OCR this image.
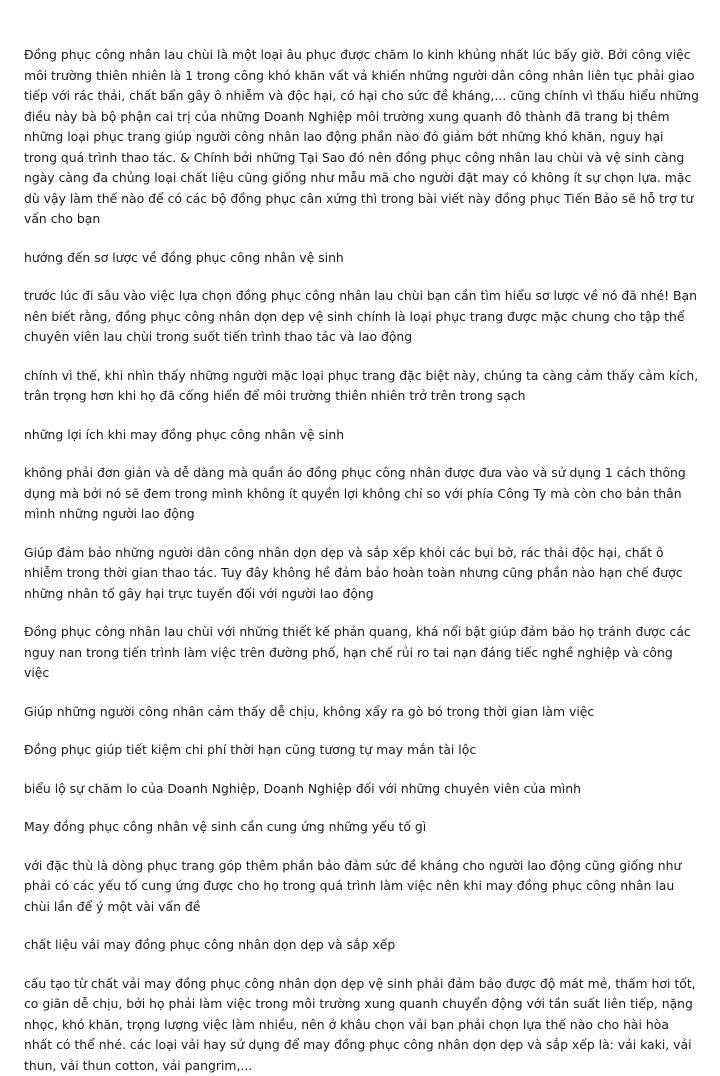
Đồng phục công nhân lau chùi là một loại âu phục được chăm lo kinh khủng nhất lúc bấy giờ. Bởi công việc môi trường thiên nhiên là 1 trong công khó khăn vất vả khiến những người dân công nhân liên tục phải giao tiếp với rác thải, chất bẩn gây ô nhiễm và độc hại, có hại cho sức đề kháng,... cũng chính vì thấu hiểu những điều này bà bộ phận cai trị của những Doanh Nghiệp môi trường xung quanh đô thành đã trang bị thêm những loại phục trang giúp người công nhân lao động phần nào đó giảm bớt những khó khăn, nguy hại trong quá trình thao tác. & Chính bởi những Tại Sao đó nên đồng phục công nhân lau chùi và vệ sinh càng ngày càng đa chủng loại chất liệu cũng giống như mẫu mã cho người đặt may có không ít sự chọn lựa. mặc dù vậy làm thế nào để có các bộ đồng phục cân xứng thì trong bài viết này đồng phục Tiến Bảo sẽ hỗ trợ tư vấn cho bạn

hướng đến sơ lược về đồng phục công nhân vệ sinh

trước lúc đi sâu vào việc lựa chọn đồng phục công nhân lau chùi bạn cần tìm hiểu sơ lược về nó đã nhé! Bạn nên biết rằng, đồng phục công nhân dọn dẹp vệ sinh chính là loại phục trang được mặc chung cho tập thể chuyên viên lau chùi trong suốt tiến trình thao tác và lao động

chính vì thế, khi nhìn thấy những người mặc loại phục trang đặc biệt này, chúng ta càng cảm thấy cảm kích, trân trọng hơn khi họ đã cống hiến để môi trường thiên nhiên trở trên trong sạch

những lợi ích khi may đồng phục công nhân vệ sinh

không phải đơn giản và dễ dàng mà quần áo đồng phục công nhân được đưa vào và sử dụng 1 cách thông dụng mà bởi nó sẽ đem trong mình không ít quyền lợi không chỉ so với phía Công Ty mà còn cho bản thân mình những người lao động

Giúp đảm bảo những người dân công nhân dọn dẹp và sắp xếp khỏi các bụi bờ, rác thải độc hại, chất ô nhiễm trong thời gian thao tác. Tuy đây không hề đảm bảo hoàn toàn nhưng cũng phần nào hạn chế được những nhân tố gây hại trực tuyến đối với người lao động

Đồng phục công nhân lau chùi với những thiết kế phản quang, khá nổi bật giúp đảm bảo họ tránh được các nguy nan trong tiến trình làm việc trên đường phố, hạn chế rủi ro tai nạn đáng tiếc nghề nghiệp và công việc

Giúp những người công nhân cảm thấy dễ chịu, không xẩy ra gò bó trong thời gian làm việc

Đồng phục giúp tiết kiệm chi phí thời hạn cũng tương tự may mắn tài lộc

biểu lộ sự chăm lo của Doanh Nghiệp, Doanh Nghiệp đối với những chuyên viên của mình

May đồng phục công nhân vệ sinh cần cung ứng những yếu tố gì

với đặc thù là dòng phục trang góp thêm phần bảo đảm sức đề kháng cho người lao động cũng giống như phải có các yếu tố cung ứng được cho họ trong quá trình làm việc nên khi may đồng phục công nhân lau chùi lần để ý một vài vấn đề

chất liệu vải may đồng phục công nhân dọn dẹp và sắp xếp

cấu tạo từ chất vải may đồng phục công nhân dọn dẹp vệ sinh phải đảm bảo được độ mát mẻ, thấm hơi tốt, co giãn dễ chịu, bởi họ phải làm việc trong môi trường xung quanh chuyển động với tần suất liên tiếp, nặng nhọc, khó khăn, trọng lượng việc làm nhiều, nên ở khâu chọn vải bạn phải chọn lựa thế nào cho hài hòa nhất có thể nhé. các loại vải hay sử dụng để may đồng phục công nhân dọn dẹp và sắp xếp là: vải kaki, vải thun, vải thun cotton, vải pangrim,...
